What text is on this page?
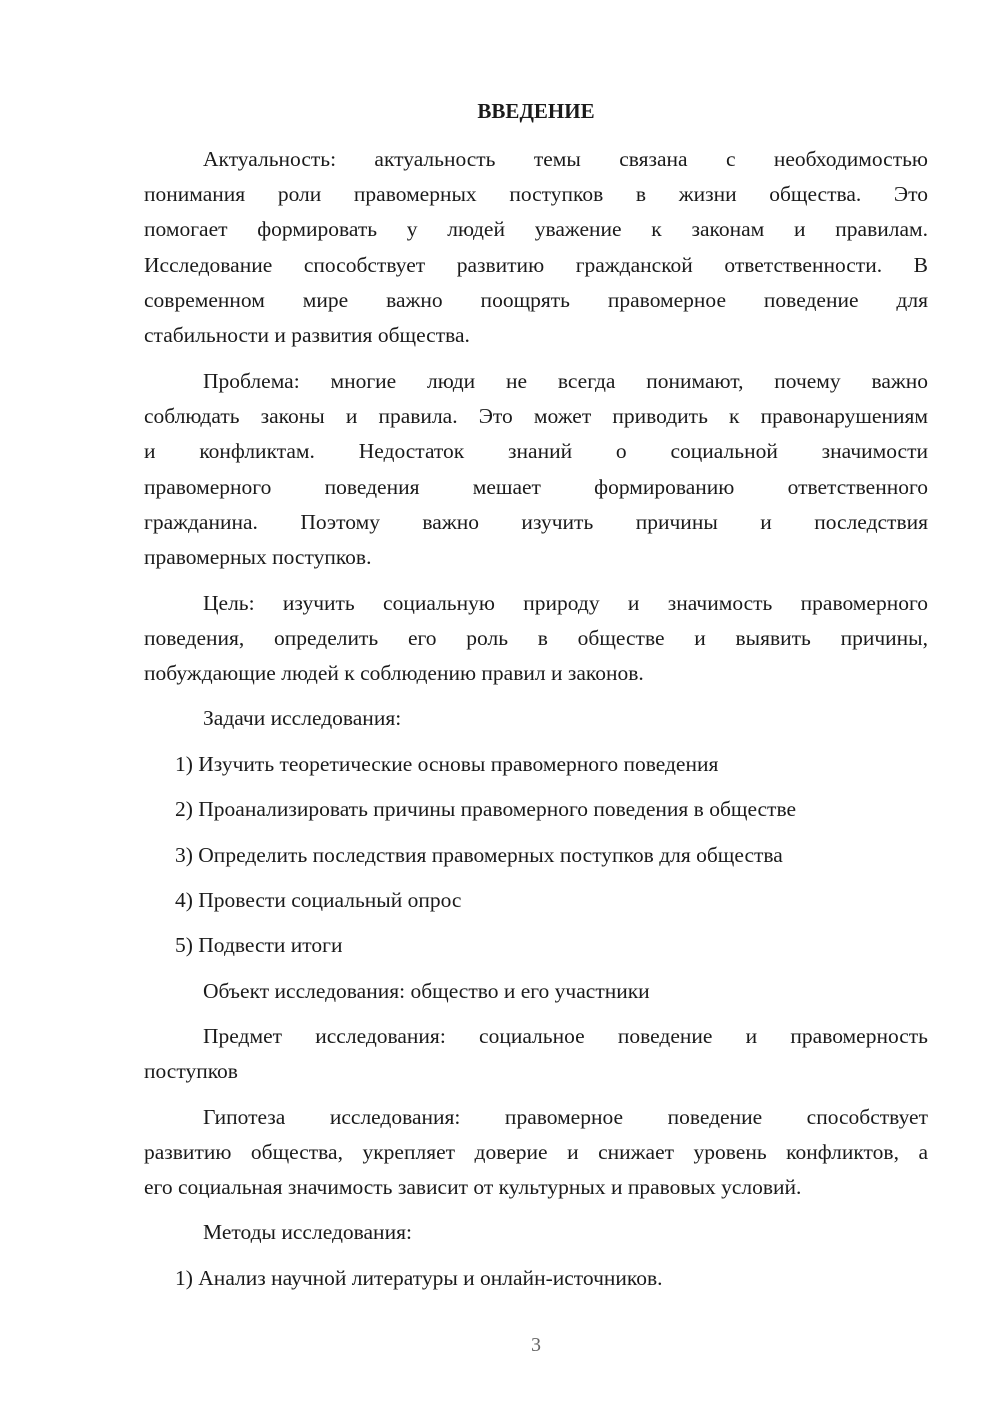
ВВЕДЕНИЕ
Актуальность: актуальность темы связана с необходимостью
понимания роли правомерных поступков в жизни общества. Это
помогает формировать у людей уважение к законам и правилам.
Исследование способствует развитию гражданской ответственности. В
современном мире важно поощрять правомерное поведение для
стабильности и развития общества.
Проблема: многие люди не всегда понимают, почему важно
соблюдать законы и правила. Это может приводить к правонарушениям
и конфликтам. Недостаток знаний о социальной значимости
правомерного поведения мешает формированию ответственного
гражданина. Поэтому важно изучить причины и последствия
правомерных поступков.
Цель: изучить социальную природу и значимость правомерного
поведения, определить его роль в обществе и выявить причины,
побуждающие людей к соблюдению правил и законов.
Задачи исследования:
1) Изучить теоретические основы правомерного поведения
2) Проанализировать причины правомерного поведения в обществе
3) Определить последствия правомерных поступков для общества
4) Провести социальный опрос
5) Подвести итоги
Объект исследования: общество и его участники
Предмет исследования: социальное поведение и правомерность
поступков
Гипотеза исследования: правомерное поведение способствует
развитию общества, укрепляет доверие и снижает уровень конфликтов, а
его социальная значимость зависит от культурных и правовых условий.
Методы исследования:
1) Анализ научной литературы и онлайн-источников.
3
